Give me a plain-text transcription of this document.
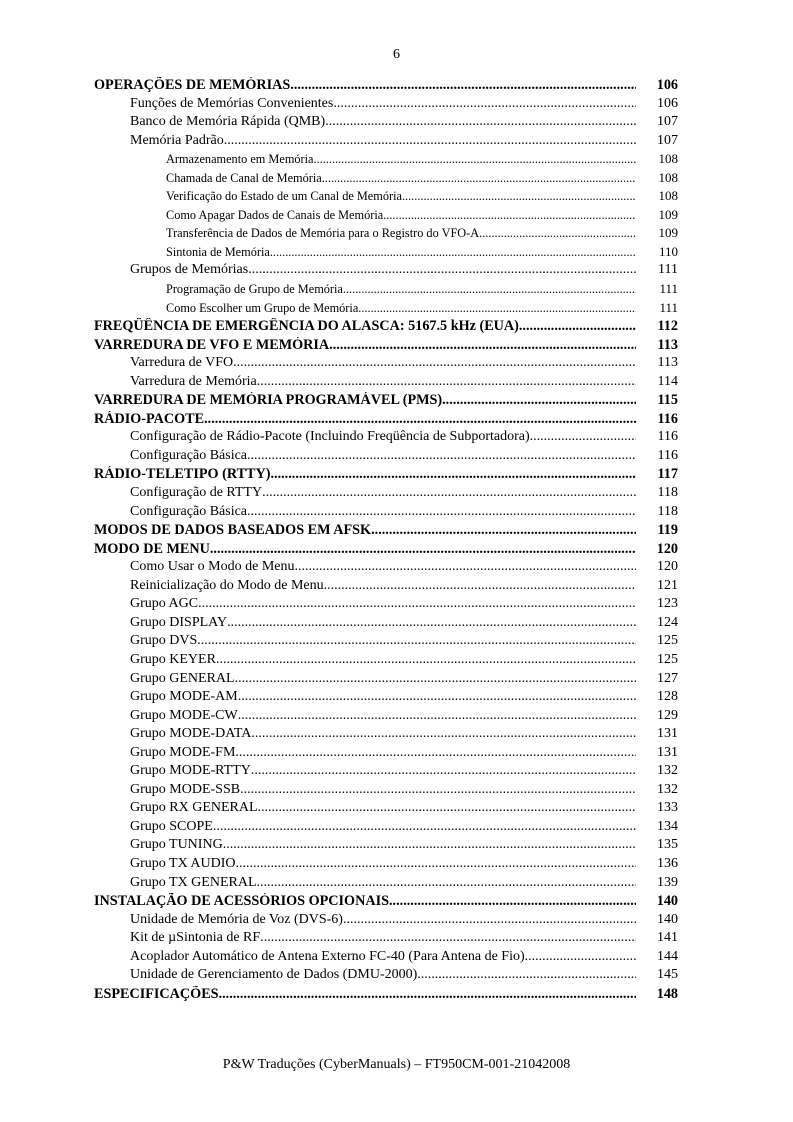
6
OPERAÇÕES DE MEMÓRIAS .....	106
Funções de Memórias Convenientes .....	106
Banco de Memória Rápida (QMB) .....	107
Memória Padrão .....	107
Armazenamento em Memória .....	108
Chamada de Canal de Memória .....	108
Verificação do Estado de um Canal de Memória .....	108
Como Apagar Dados de Canais de Memória .....	109
Transferência de Dados de Memória para o Registro do VFO-A .....	109
Sintonia de Memória .....	110
Grupos de Memórias .....	111
Programação de Grupo de Memória .....	111
Como Escolher um Grupo de Memória .....	111
FREQÜÊNCIA DE EMERGÊNCIA DO ALASCA: 5167.5 kHz (EUA) .....	112
VARREDURA DE VFO E MEMÓRIA .....	113
Varredura de VFO .....	113
Varredura de Memória .....	114
VARREDURA DE MEMÓRIA PROGRAMÁVEL (PMS) .....	115
RÁDIO-PACOTE .....	116
Configuração de Rádio-Pacote (Incluindo Freqüência de Subportadora) .....	116
Configuração Básica .....	116
RÁDIO-TELETIPO (RTTY) .....	117
Configuração de RTTY .....	118
Configuração Básica .....	118
MODOS DE DADOS BASEADOS EM AFSK .....	119
MODO DE MENU .....	120
Como Usar o Modo de Menu .....	120
Reinicialização do Modo de Menu .....	121
Grupo AGC .....	123
Grupo DISPLAY .....	124
Grupo DVS .....	125
Grupo KEYER .....	125
Grupo GENERAL .....	127
Grupo MODE-AM .....	128
Grupo MODE-CW .....	129
Grupo MODE-DATA .....	131
Grupo MODE-FM .....	131
Grupo MODE-RTTY .....	132
Grupo MODE-SSB .....	132
Grupo RX GENERAL .....	133
Grupo SCOPE .....	134
Grupo TUNING .....	135
Grupo TX AUDIO .....	136
Grupo TX GENERAL .....	139
INSTALAÇÃO DE ACESSÓRIOS OPCIONAIS .....	140
Unidade de Memória de Voz (DVS-6) .....	140
Kit de µSintonia de RF .....	141
Acoplador Automático de Antena Externo FC-40 (Para Antena de Fio) .....	144
Unidade de Gerenciamento de Dados (DMU-2000) .....	145
ESPECIFICAÇÕES .....	148
P&W Traduções (CyberManuals) – FT950CM-001-21042008
